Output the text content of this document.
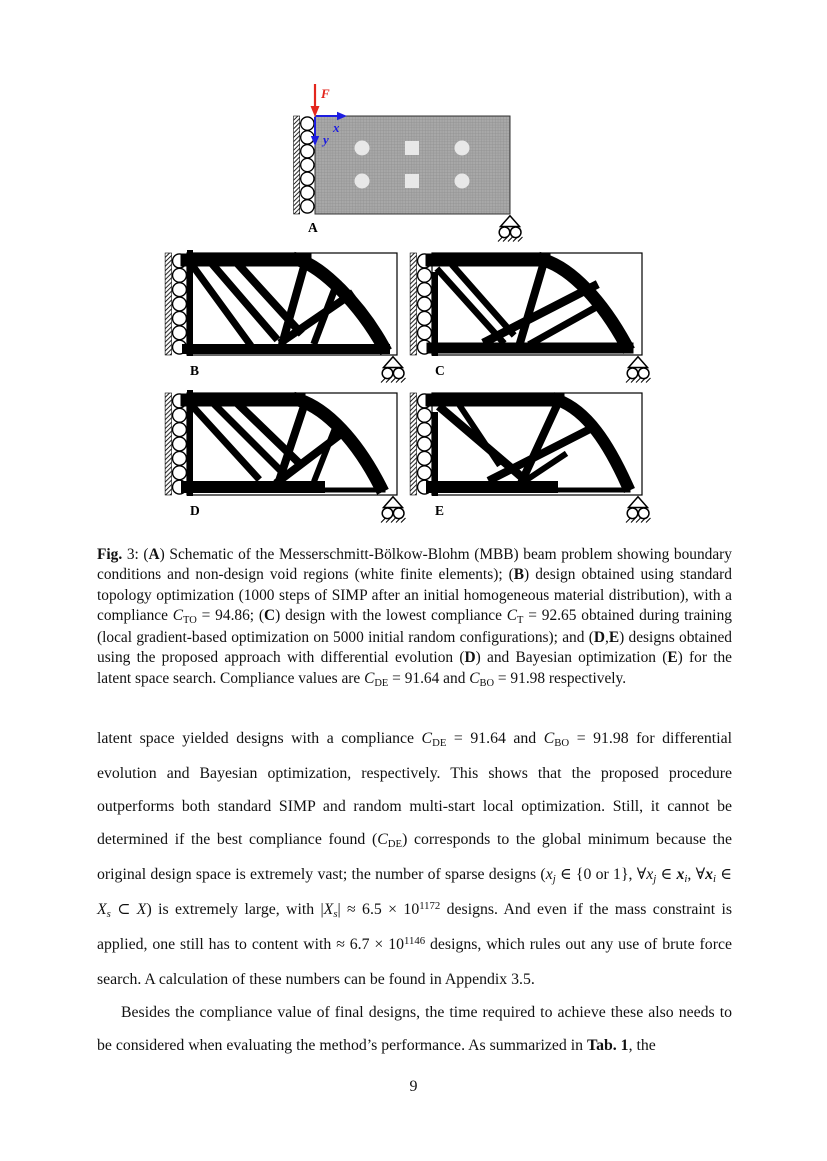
F
x
y
A
B	C
D	E
Fig. 3: (A) Schematic of the Messerschmitt-Bölkow-Blohm (MBB) beam problem showing boundary conditions and non-design void regions (white finite elements); (B) design obtained using standard topology optimization (1000 steps of SIMP after an initial homogeneous material distribution), with a compliance $C_{TO} = 94.86$; (C) design with the lowest compliance $C_T = 92.65$ obtained during training (local gradient-based optimization on 5000 initial random configurations); and (D,E) designs obtained using the proposed approach with differential evolution (D) and Bayesian optimization (E) for the latent space search. Compliance values are $C_{DE} = 91.64$ and $C_{BO} = 91.98$ respectively.

latent space yielded designs with a compliance $C_{DE} = 91.64$ and $C_{BO} = 91.98$ for differential evolution and Bayesian optimization, respectively. This shows that the proposed procedure outperforms both standard SIMP and random multi-start local optimization. Still, it cannot be determined if the best compliance found $(C_{DE})$ corresponds to the global minimum because the original design space is extremely vast; the number of sparse designs ($x_j$ ∈ {0 or 1}, $\forall x_j$ ∈ $x_i$, $\forall x_i$ ∈ $X_s$ ⊂ X) is extremely large, with $|X_s| \approx 6.5 \times 10^{1172}$ designs. And even if the mass constraint is applied, one still has to content with ≈ $6.7 \times 10^{1146}$ designs, which rules out any use of brute force search. A calculation of these numbers can be found in Appendix 3.5.

Besides the compliance value of final designs, the time required to achieve these also needs to be considered when evaluating the method’s performance. As summarized in Tab. 1, the

9
